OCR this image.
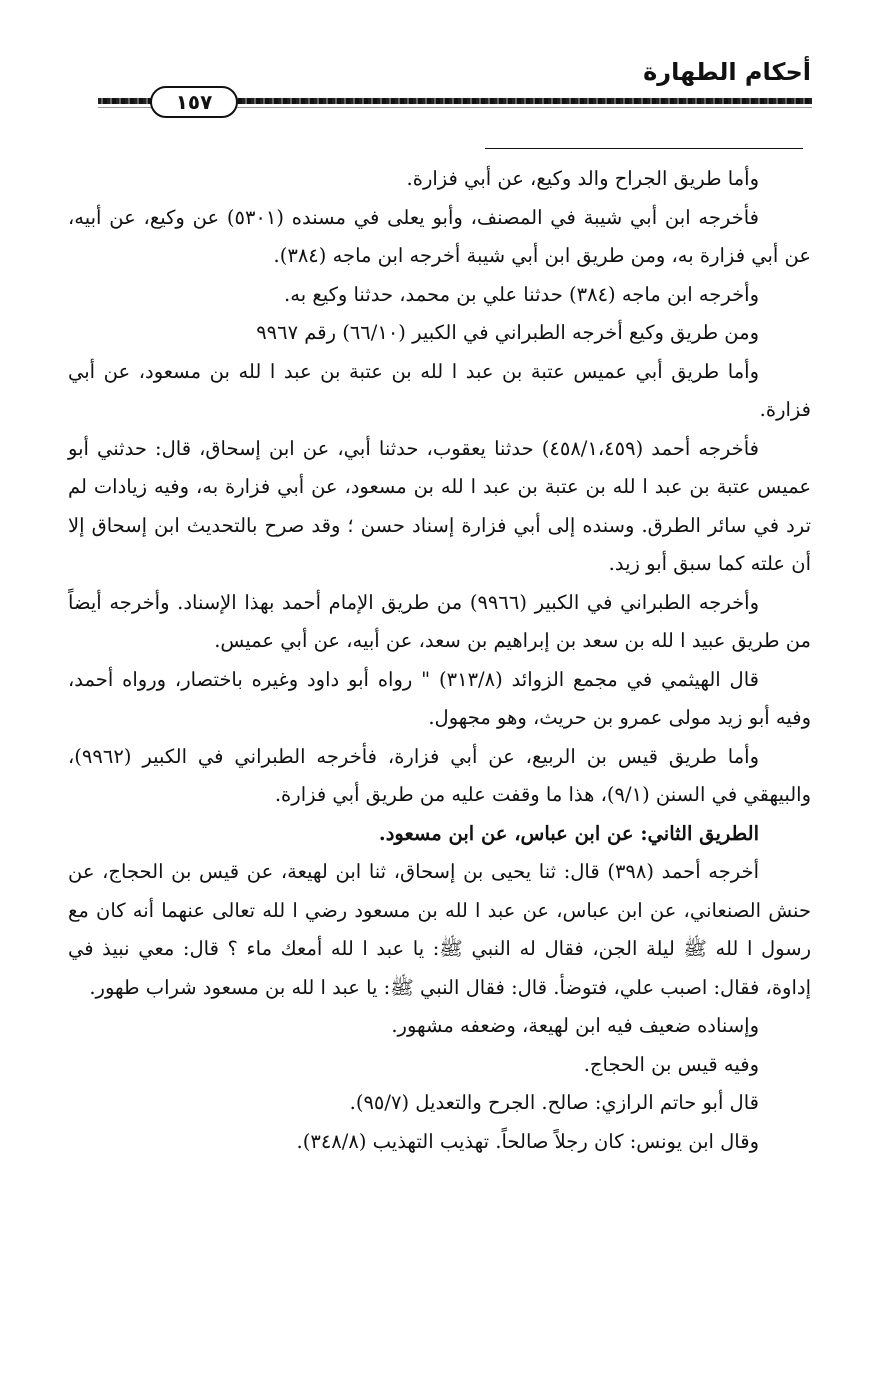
أحكام الطهارة
١٥٧

وأما طريق الجراح والد وكيع، عن أبي فزارة.

فأخرجه ابن أبي شيبة في المصنف، وأبو يعلى في مسنده (٥٣٠١) عن وكيع، عن أبيه، عن أبي فزارة به، ومن طريق ابن أبي شيبة أخرجه ابن ماجه (٣٨٤).

وأخرجه ابن ماجه (٣٨٤) حدثنا علي بن محمد، حدثنا وكيع به.

ومن طريق وكيع أخرجه الطبراني في الكبير (٦٦/١٠) رقم ٩٩٦٧

وأما طريق أبي عميس عتبة بن عبد ا لله بن عتبة بن عبد ا لله بن مسعود، عن أبي فزارة.

فأخرجه أحمد (٤٥٨/١،٤٥٩) حدثنا يعقوب، حدثنا أبي، عن ابن إسحاق، قال: حدثني أبو عميس عتبة بن عبد ا لله بن عتبة بن عبد ا لله بن مسعود، عن أبي فزارة به، وفيه زيادات لم ترد في سائر الطرق. وسنده إلى أبي فزارة إسناد حسن ؛ وقد صرح بالتحديث ابن إسحاق إلا أن علته كما سبق أبو زيد.

وأخرجه الطبراني في الكبير (٩٩٦٦) من طريق الإمام أحمد بهذا الإسناد. وأخرجه أيضاً من طريق عبيد ا لله بن سعد بن إبراهيم بن سعد، عن أبيه، عن أبي عميس.

قال الهيثمي في مجمع الزوائد (٣١٣/٨) " رواه أبو داود وغيره باختصار، ورواه أحمد، وفيه أبو زيد مولى عمرو بن حريث، وهو مجهول.

وأما طريق قيس بن الربيع، عن أبي فزارة، فأخرجه الطبراني في الكبير (٩٩٦٢)، والبيهقي في السنن (٩/١)، هذا ما وقفت عليه من طريق أبي فزارة.

الطريق الثاني: عن ابن عباس، عن ابن مسعود.

أخرجه أحمد (٣٩٨) قال: ثنا يحيى بن إسحاق، ثنا ابن لهيعة، عن قيس بن الحجاج، عن حنش الصنعاني، عن ابن عباس، عن عبد ا لله بن مسعود رضي ا لله تعالى عنهما أنه كان مع رسول ا لله ﷺ ليلة الجن، فقال له النبي ﷺ: يا عبد ا لله أمعك ماء ؟ قال: معي نبيذ في إداوة، فقال: اصبب علي، فتوضأ. قال: فقال النبي ﷺ: يا عبد ا لله بن مسعود شراب طهور.

وإسناده ضعيف فيه ابن لهيعة، وضعفه مشهور.

وفيه قيس بن الحجاج.

قال أبو حاتم الرازي: صالح. الجرح والتعديل (٩٥/٧).

وقال ابن يونس: كان رجلاً صالحاً. تهذيب التهذيب (٣٤٨/٨).
